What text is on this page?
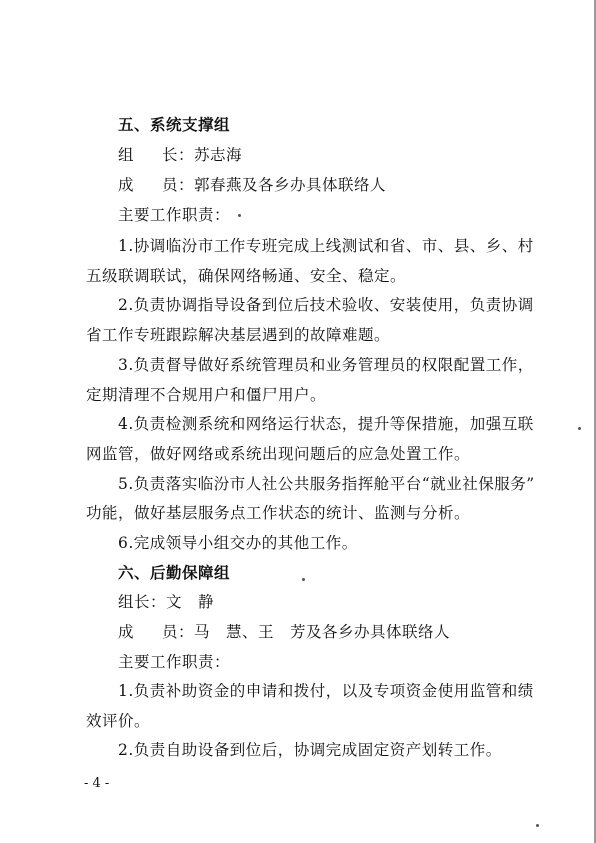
五、系统支撑组
组 长：苏志海
成 员：郭春燕及各乡办具体联络人
主要工作职责：
1.协调临汾市工作专班完成上线测试和省、市、县、乡、村
五级联调联试，确保网络畅通、安全、稳定。
2.负责协调指导设备到位后技术验收、安装使用，负责协调
省工作专班跟踪解决基层遇到的故障难题。
3.负责督导做好系统管理员和业务管理员的权限配置工作，
定期清理不合规用户和僵尸用户。
4.负责检测系统和网络运行状态，提升等保措施，加强互联
网监管，做好网络或系统出现问题后的应急处置工作。
5.负责落实临汾市人社公共服务指挥舱平台“就业社保服务”
功能，做好基层服务点工作状态的统计、监测与分析。
6.完成领导小组交办的其他工作。
六、后勤保障组
组长：文　静
成 员：马　慧、王　芳及各乡办具体联络人
主要工作职责：
1.负责补助资金的申请和拨付，以及专项资金使用监管和绩
效评价。
2.负责自助设备到位后，协调完成固定资产划转工作。
- 4 -
